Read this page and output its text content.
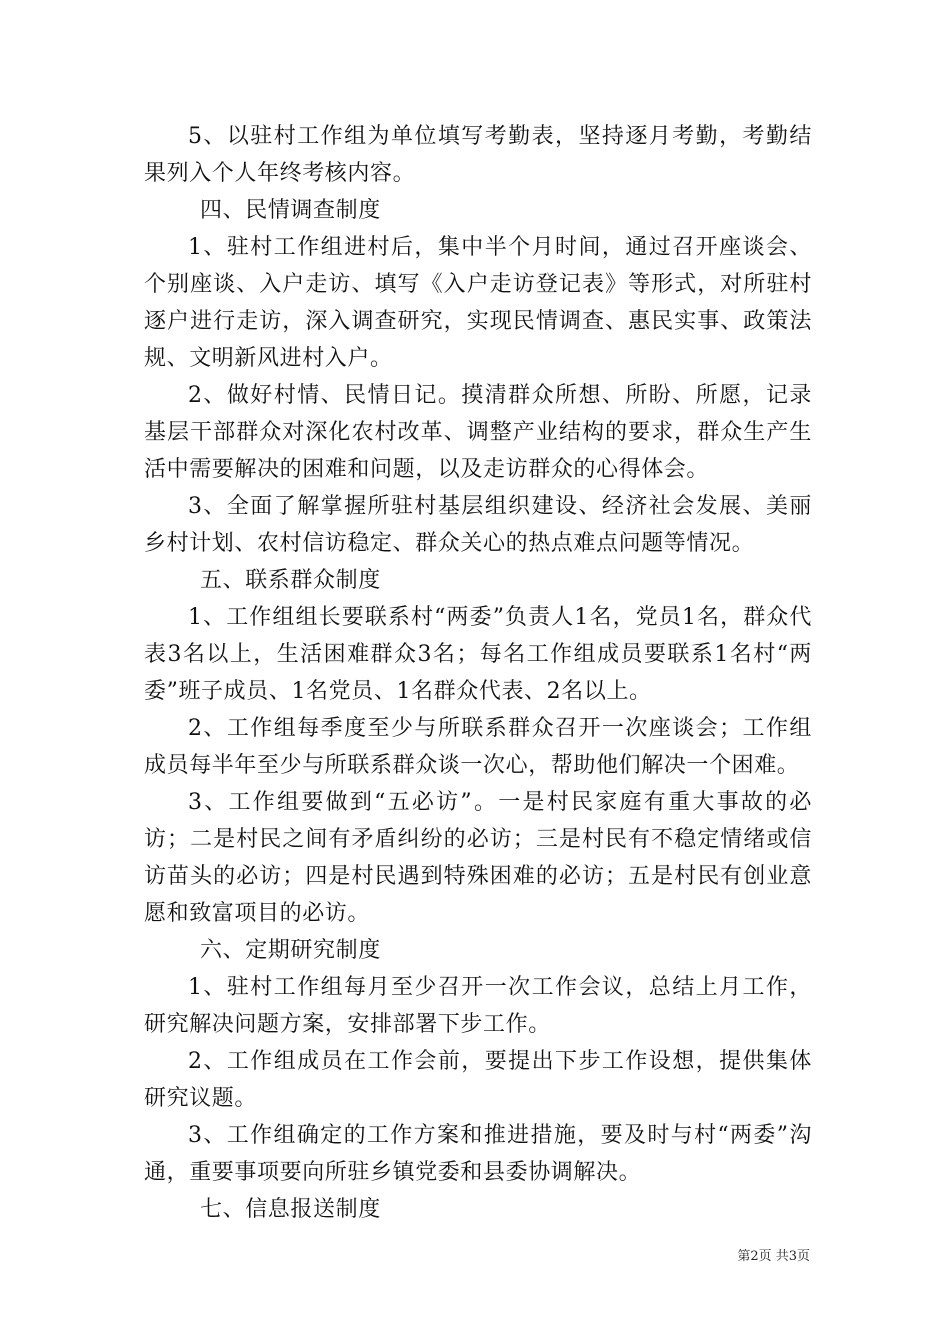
5、以驻村工作组为单位填写考勤表，坚持逐月考勤，考勤结果列入个人年终考核内容。

四、民情调查制度

1、驻村工作组进村后，集中半个月时间，通过召开座谈会、个别座谈、入户走访、填写《入户走访登记表》等形式，对所驻村逐户进行走访，深入调查研究，实现民情调查、惠民实事、政策法规、文明新风进村入户。

2、做好村情、民情日记。摸清群众所想、所盼、所愿，记录基层干部群众对深化农村改革、调整产业结构的要求，群众生产生活中需要解决的困难和问题，以及走访群众的心得体会。

3、全面了解掌握所驻村基层组织建设、经济社会发展、美丽乡村计划、农村信访稳定、群众关心的热点难点问题等情况。

五、联系群众制度

1、工作组组长要联系村“两委”负责人1名，党员1名，群众代表3名以上，生活困难群众3名；每名工作组成员要联系1名村“两委”班子成员、1名党员、1名群众代表、2名以上。

2、工作组每季度至少与所联系群众召开一次座谈会；工作组成员每半年至少与所联系群众谈一次心，帮助他们解决一个困难。

3、工作组要做到“五必访”。一是村民家庭有重大事故的必访；二是村民之间有矛盾纠纷的必访；三是村民有不稳定情绪或信访苗头的必访；四是村民遇到特殊困难的必访；五是村民有创业意愿和致富项目的必访。

六、定期研究制度

1、驻村工作组每月至少召开一次工作会议，总结上月工作，研究解决问题方案，安排部署下步工作。

2、工作组成员在工作会前，要提出下步工作设想，提供集体研究议题。

3、工作组确定的工作方案和推进措施，要及时与村“两委”沟通，重要事项要向所驻乡镇党委和县委协调解决。

七、信息报送制度

第2页 共3页
